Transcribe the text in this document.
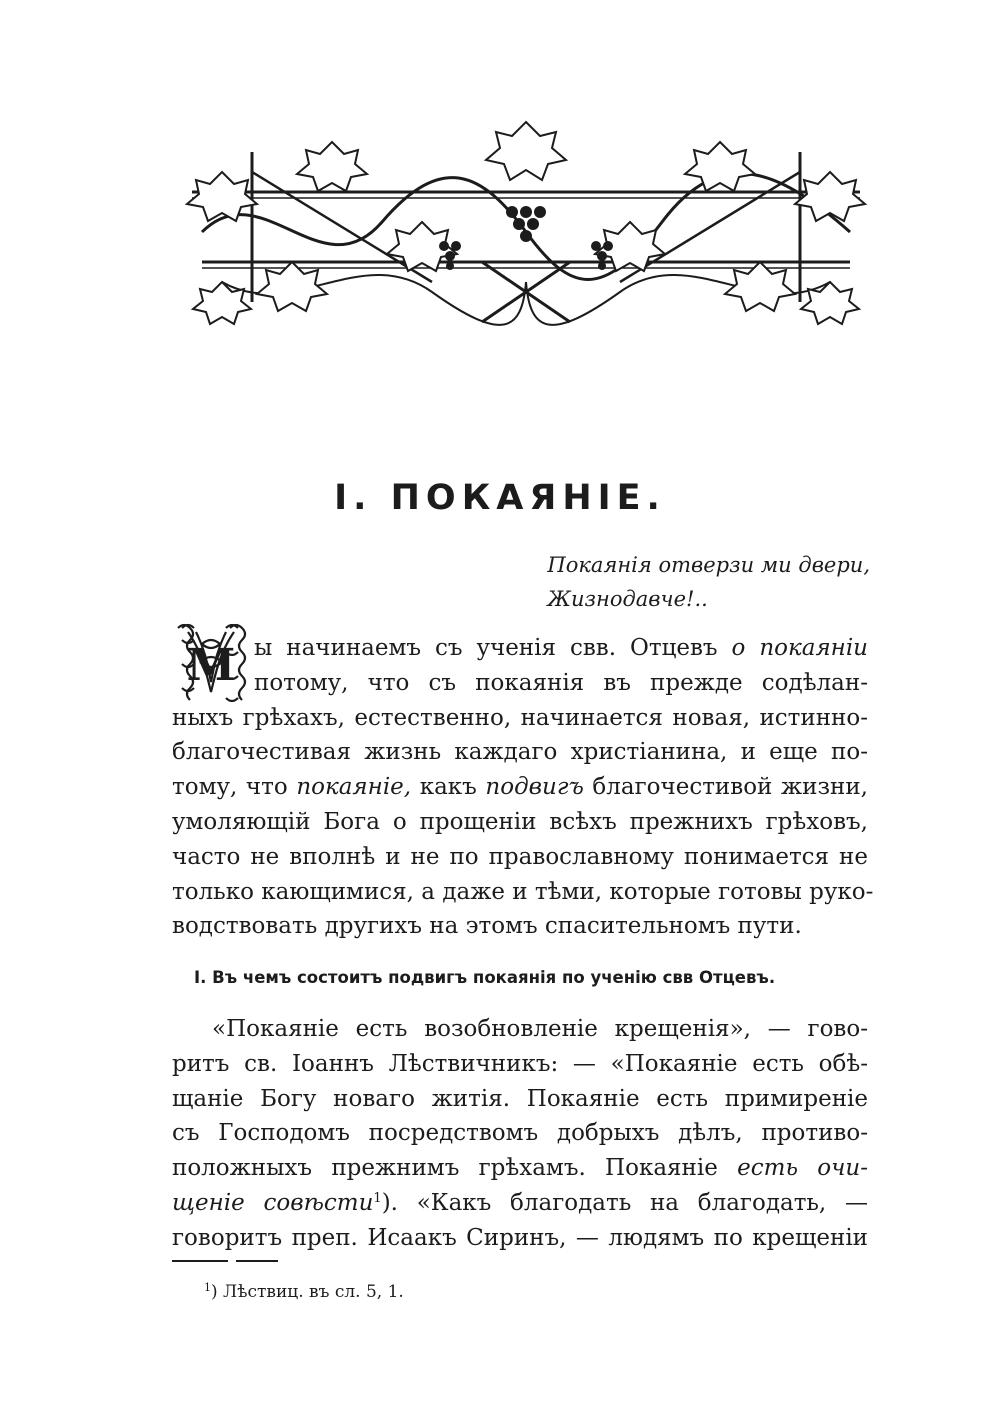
I. ПОКАЯНIE.
Покаянія отверзи ми двери,
Жизнодавче!..
М ы начинаемъ съ ученія свв. Отцевъ о покаяніи
потому, что съ покаянія въ прежде содѣлан-
ныхъ грѣхахъ, естественно, начинается новая, истинно-
благочестивая жизнь каждаго христіанина, и еще по-
тому, что покаяніе, какъ подвигъ благочестивой жизни,
умоляющій Бога о прощеніи всѣхъ прежнихъ грѣховъ,
часто не вполнѣ и не по православному понимается не
только кающимися, а даже и тѣми, которые готовы руко-
водствовать другихъ на этомъ спасительномъ пути.
I. Въ чемъ состоитъ подвигъ покаянія по ученію свв Отцевъ.
«Покаяніе есть возобновленіе крещенія», — гово-
ритъ св. Іоаннъ Лѣствичникъ: — «Покаяніе есть обѣ-
щаніе Богу новаго житія. Покаяніе есть примиреніе
съ Господомъ посредствомъ добрыхъ дѣлъ, противо-
положныхъ прежнимъ грѣхамъ. Покаяніе есть очи-
щеніе совѣсти$^1$). «Какъ благодать на благодать, —
говоритъ преп. Исаакъ Сиринъ, — людямъ по крещеніи
$^1$) Лѣствиц. въ сл. 5, 1.
